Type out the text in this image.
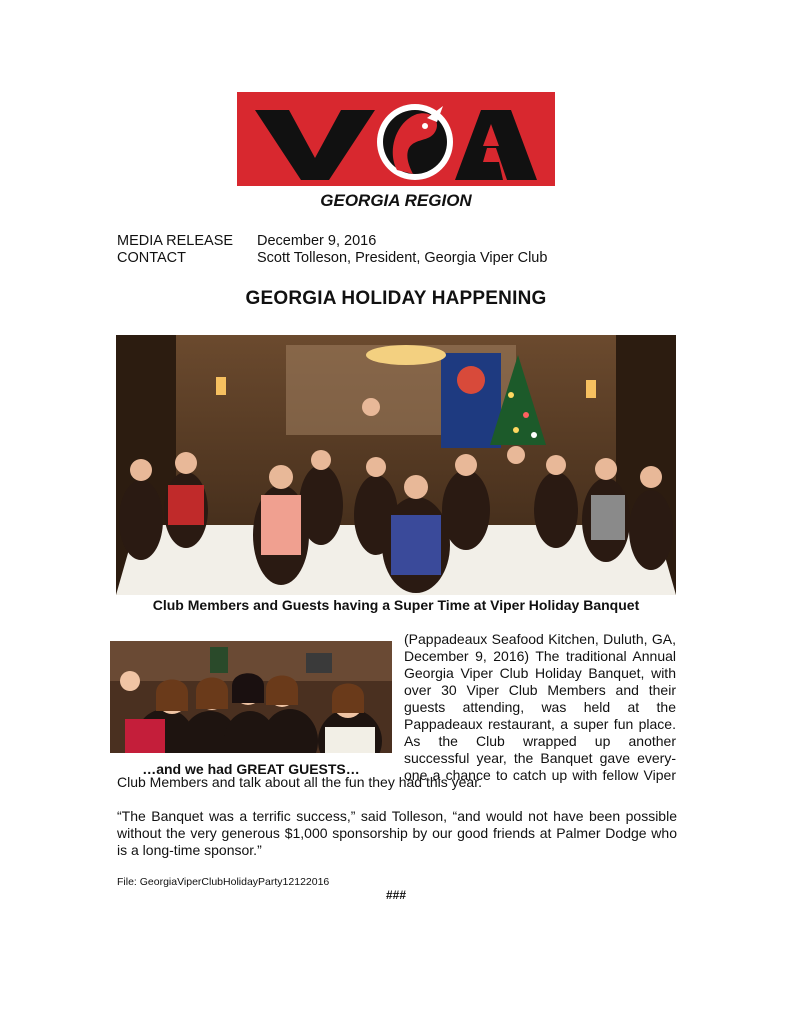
GEORGIA REGION
MEDIA RELEASE December 9, 2016
CONTACT	Scott Tolleson, President, Georgia Viper Club
GEORGIA HOLIDAY HAPPENING
Club Members and Guests having a Super Time at Viper Holiday Banquet
…and we had GREAT GUESTS…
(Pappadeaux Seafood Kitchen, Duluth, GA,
December 9, 2016) The traditional Annual
Georgia Viper Club Holiday Banquet, with
over 30 Viper Club Members and their
guests attending, was held at the
Pappadeaux restaurant, a super fun place.
As the Club wrapped up another
successful year, the Banquet gave every-
one a chance to catch up with fellow Viper
Club Members and talk about all the fun they had this year.
“The Banquet was a terrific success,” said Tolleson, “and would not have been possible without the very generous $1,000 sponsorship by our good friends at Palmer Dodge who is a long-time sponsor.”
File: GeorgiaViperClubHolidayParty12122016
###
